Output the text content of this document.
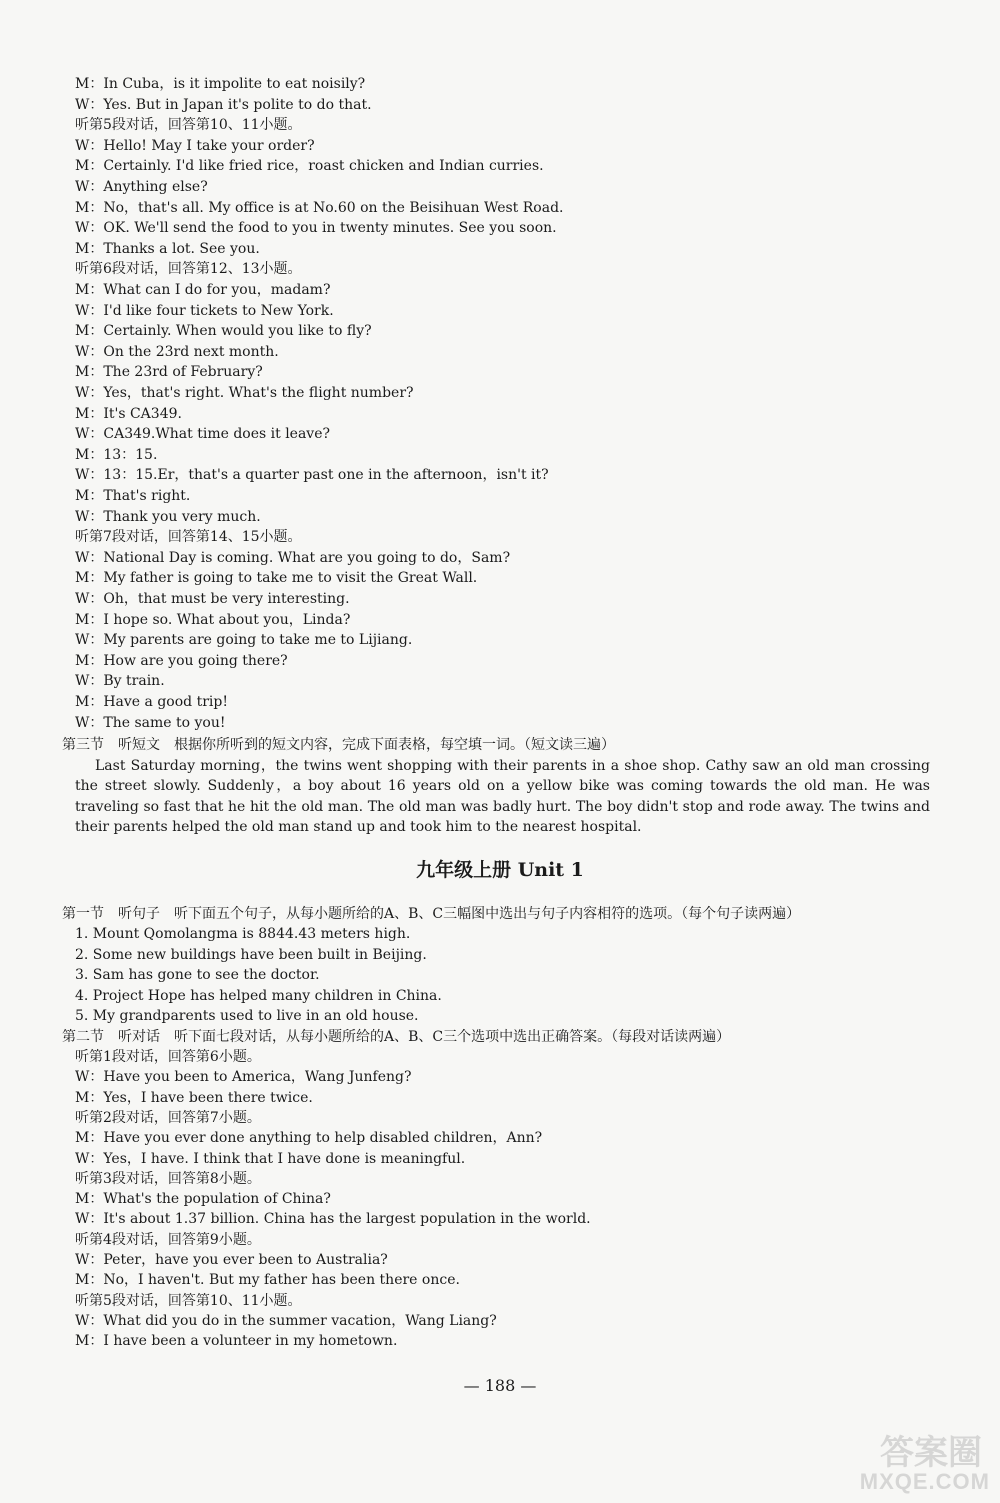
M：In Cuba，is it impolite to eat noisily?
W：Yes. But in Japan it's polite to do that.
听第5段对话，回答第10、11小题。
W：Hello! May I take your order?
M：Certainly. I'd like fried rice，roast chicken and Indian curries.
W：Anything else?
M：No，that's all. My office is at No.60 on the Beisihuan West Road.
W：OK. We'll send the food to you in twenty minutes. See you soon.
M：Thanks a lot. See you.
听第6段对话，回答第12、13小题。
M：What can I do for you，madam?
W：I'd like four tickets to New York.
M：Certainly. When would you like to fly?
W：On the 23rd next month.
M：The 23rd of February?
W：Yes，that's right. What's the flight number?
M：It's CA349.
W：CA349.What time does it leave?
M：13：15.
W：13：15.Er，that's a quarter past one in the afternoon，isn't it?
M：That's right.
W：Thank you very much.
听第7段对话，回答第14、15小题。
W：National Day is coming. What are you going to do，Sam?
M：My father is going to take me to visit the Great Wall.
W：Oh，that must be very interesting.
M：I hope so. What about you，Linda?
W：My parents are going to take me to Lijiang.
M：How are you going there?
W：By train.
M：Have a good trip!
W：The same to you!
第三节　听短文　根据你所听到的短文内容，完成下面表格，每空填一词。（短文读三遍）
Last Saturday morning，the twins went shopping with their parents in a shoe shop. Cathy saw an old man crossing the street slowly. Suddenly，a boy about 16 years old on a yellow bike was coming towards the old man. He was traveling so fast that he hit the old man. The old man was badly hurt. The boy didn't stop and rode away. The twins and their parents helped the old man stand up and took him to the nearest hospital.
九年级上册 Unit 1
第一节　听句子　听下面五个句子，从每小题所给的A、B、C三幅图中选出与句子内容相符的选项。（每个句子读两遍）
1. Mount Qomolangma is 8844.43 meters high.
2. Some new buildings have been built in Beijing.
3. Sam has gone to see the doctor.
4. Project Hope has helped many children in China.
5. My grandparents used to live in an old house.
第二节　听对话　听下面七段对话，从每小题所给的A、B、C三个选项中选出正确答案。（每段对话读两遍）
听第1段对话，回答第6小题。
W：Have you been to America，Wang Junfeng?
M：Yes，I have been there twice.
听第2段对话，回答第7小题。
M：Have you ever done anything to help disabled children，Ann?
W：Yes，I have. I think that I have done is meaningful.
听第3段对话，回答第8小题。
M：What's the population of China?
W：It's about 1.37 billion. China has the largest population in the world.
听第4段对话，回答第9小题。
W：Peter，have you ever been to Australia?
M：No，I haven't. But my father has been there once.
听第5段对话，回答第10、11小题。
W：What did you do in the summer vacation，Wang Liang?
M：I have been a volunteer in my hometown.
— 188 —
答案圈
MXQE.COM
